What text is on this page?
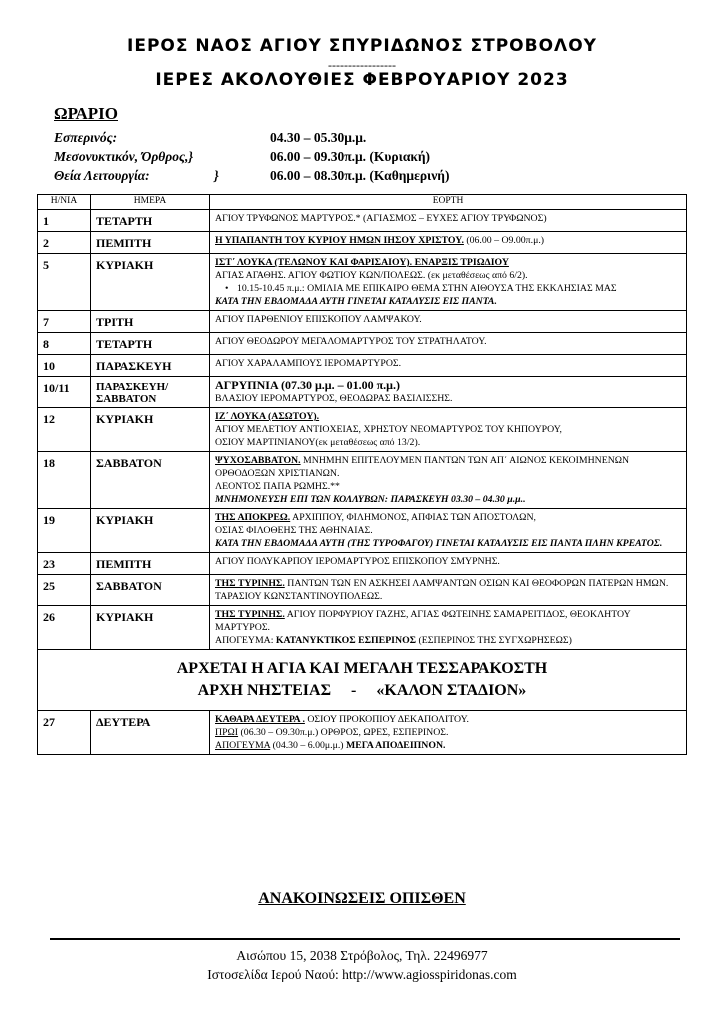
ΙΕΡΟΣ ΝΑΟΣ ΑΓΙΟΥ ΣΠΥΡΙΔΩΝΟΣ ΣΤΡΟΒΟΛΟΥ
-----------------
ΙΕΡΕΣ ΑΚΟΛΟΥΘΙΕΣ ΦΕΒΡΟΥΑΡΙΟΥ 2023
ΩΡΑΡΙΟ
Εσπερινός:	04.30 – 05.30μ.μ.
Μεσονυκτικόν, Όρθρος,}	06.00 – 09.30π.μ. (Κυριακή)
Θεία Λειτουργία:	}	06.00 – 08.30π.μ. (Καθημερινή)
Η/ΝΙΑ	ΗΜΕΡΑ	ΕΟΡΤΗ
1	ΤΕΤΑΡΤΗ	ΑΓΙΟΥ ΤΡΥΦΩΝΟΣ ΜΑΡΤΥΡΟΣ.* (ΑΓΙΑΣΜΟΣ – ΕΥΧΕΣ ΑΓΙΟΥ ΤΡΥΦΩΝΟΣ)
2	ΠΕΜΠΤΗ	Η ΥΠΑΠΑΝΤΗ ΤΟΥ ΚΥΡΙΟΥ ΗΜΩΝ ΙΗΣΟΥ ΧΡΙΣΤΟΥ. (06.00 – Ο9.00π.μ.)
5	ΚΥΡΙΑΚΗ	ΙΣΤ΄ ΛΟΥΚΑ (ΤΕΛΩΝΟΥ ΚΑΙ ΦΑΡΙΣΑΙΟΥ). ΕΝΑΡΞΙΣ ΤΡΙΩΔΙΟΥ
ΑΓΙΑΣ ΑΓΑΘΗΣ. ΑΓΙΟΥ ΦΩΤΙΟΥ ΚΩΝ/ΠΟΛΕΩΣ. (εκ μεταθέσεως από 6/2).
• 10.15-10.45 π.μ.: ΟΜΙΛΙΑ ΜΕ ΕΠΙΚΑΙΡΟ ΘΕΜΑ ΣΤΗΝ ΑΙΘΟΥΣΑ ΤΗΣ ΕΚΚΛΗΣΙΑΣ ΜΑΣ
ΚΑΤΑ ΤΗΝ ΕΒΔΟΜΑΔΑ ΑΥΤΗ ΓΙΝΕΤΑΙ ΚΑΤΑΛΥΣΙΣ ΕΙΣ ΠΑΝΤΑ.

7	ΤΡΙΤΗ	ΑΓΙΟΥ ΠΑΡΘΕΝΙΟΥ ΕΠΙΣΚΟΠΟΥ ΛΑΜΨΑΚΟΥ.
8	ΤΕΤΑΡΤΗ	ΑΓΙΟΥ ΘΕΟΔΩΡΟΥ ΜΕΓΑΛΟΜΑΡΤΥΡΟΣ ΤΟΥ ΣΤΡΑΤΗΛΑΤΟΥ.
10	ΠΑΡΑΣΚΕΥΗ	ΑΓΙΟΥ ΧΑΡΑΛΑΜΠΟΥΣ ΙΕΡΟΜΑΡΤΥΡΟΣ.
10/11	ΠΑΡΑΣΚΕΥΗ/ ΣΑΒΒΑΤΟΝ	ΑΓΡΥΠΝΙΑ (07.30 μ.μ. – 01.00 π.μ.)
ΒΛΑΣΙΟΥ ΙΕΡΟΜΑΡΤΥΡΟΣ, ΘΕΟΔΩΡΑΣ ΒΑΣΙΛΙΣΣΗΣ.

12	ΚΥΡΙΑΚΗ	ΙΖ΄ ΛΟΥΚΑ (ΑΣΩΤΟΥ).
ΑΓΙΟΥ ΜΕΛΕΤΙΟΥ ΑΝΤΙΟΧΕΙΑΣ, ΧΡΗΣΤΟΥ ΝΕΟΜΑΡΤΥΡΟΣ ΤΟΥ ΚΗΠΟΥΡΟΥ,
ΟΣΙΟΥ ΜΑΡΤΙΝΙΑΝΟΥ(εκ μεταθέσεως από 13/2).

18	ΣΑΒΒΑΤΟΝ	ΨΥΧΟΣΑΒΒΑΤΟΝ. ΜΝΗΜΗΝ ΕΠΙΤΕΛΟΥΜΕΝ ΠΑΝΤΩΝ ΤΩΝ ΑΠ΄ ΑΙΩΝΟΣ ΚΕΚΟΙΜΗΝΕΝΩΝ ΟΡΘΟΔΟΞΩΝ ΧΡΙΣΤΙΑΝΩΝ.
ΛΕΟΝΤΟΣ ΠΑΠΑ ΡΩΜΗΣ.**
ΜΝΗΜΟΝΕΥΣΗ ΕΠΙ ΤΩΝ ΚΟΛΛΥΒΩΝ: ΠΑΡΑΣΚΕΥΗ 03.30 – 04.30 μ.μ..

19	ΚΥΡΙΑΚΗ	ΤΗΣ ΑΠΟΚΡΕΩ. ΑΡΧΙΠΠΟΥ, ΦΙΛΗΜΟΝΟΣ, ΑΠΦΙΑΣ ΤΩΝ ΑΠΟΣΤΟΛΩΝ,
ΟΣΙΑΣ ΦΙΛΟΘΕΗΣ ΤΗΣ ΑΘΗΝΑΙΑΣ.
ΚΑΤΑ ΤΗΝ ΕΒΔΟΜΑΔΑ ΑΥΤΗ (ΤΗΣ ΤΥΡΟΦΑΓΟΥ) ΓΙΝΕΤΑΙ ΚΑΤΑΛΥΣΙΣ ΕΙΣ ΠΑΝΤΑ ΠΛΗΝ ΚΡΕΑΤΟΣ.

23	ΠΕΜΠΤΗ	ΑΓΙΟΥ ΠΟΛΥΚΑΡΠΟΥ ΙΕΡΟΜΑΡΤΥΡΟΣ ΕΠΙΣΚΟΠΟΥ ΣΜΥΡΝΗΣ.
25	ΣΑΒΒΑΤΟΝ	ΤΗΣ ΤΥΡΙΝΗΣ. ΠΑΝΤΩΝ ΤΩΝ ΕΝ ΑΣΚΗΣΕΙ ΛΑΜΨΑΝΤΩΝ ΟΣΙΩΝ ΚΑΙ ΘΕΟΦΟΡΩΝ ΠΑΤΕΡΩΝ ΗΜΩΝ. ΤΑΡΑΣΙΟΥ ΚΩΝΣΤΑΝΤΙΝΟΥΠΟΛΕΩΣ.
26	ΚΥΡΙΑΚΗ	ΤΗΣ ΤΥΡΙΝΗΣ. ΑΓΙΟΥ ΠΟΡΦΥΡΙΟΥ ΓΑΖΗΣ, ΑΓΙΑΣ ΦΩΤΕΙΝΗΣ ΣΑΜΑΡΕΙΤΙΔΟΣ, ΘΕΟΚΛΗΤΟΥ ΜΑΡΤΥΡΟΣ.
ΑΠΟΓΕΥΜΑ: ΚΑΤΑΝΥΚΤΙΚΟΣ ΕΣΠΕΡΙΝΟΣ (ΕΣΠΕΡΙΝΟΣ ΤΗΣ ΣΥΓΧΩΡΗΣΕΩΣ)

ΑΡΧΕΤΑΙ Η ΑΓΙΑ ΚΑΙ ΜΕΓΑΛΗ ΤΕΣΣΑΡΑΚΟΣΤΗ
ΑΡΧΗ ΝΗΣΤΕΙΑΣ     -     «ΚΑΛΟΝ ΣΤΑΔΙΟΝ»		

27	ΔΕΥΤΕΡΑ	ΚΑΘΑΡΑ ΔΕΥΤΕΡΑ . ΟΣΙΟΥ ΠΡΟΚΟΠΙΟΥ ΔΕΚΑΠΟΛΙΤΟΥ.
ΠΡΩΙ (06.30 – Ο9.30π.μ.) ΟΡΘΡΟΣ, ΩΡΕΣ, ΕΣΠΕΡΙΝΟΣ.
ΑΠΟΓΕΥΜΑ (04.30 – 6.00μ.μ.) ΜΕΓΑ ΑΠΟΔΕΙΠΝΟΝ.
ΑΝΑΚΟΙΝΩΣΕΙΣ ΟΠΙΣΘΕΝ
Αισώπου 15, 2038 Στρόβολος, Τηλ. 22496977
Ιστοσελίδα Ιερού Ναού: http://www.agiosspiridonas.com
